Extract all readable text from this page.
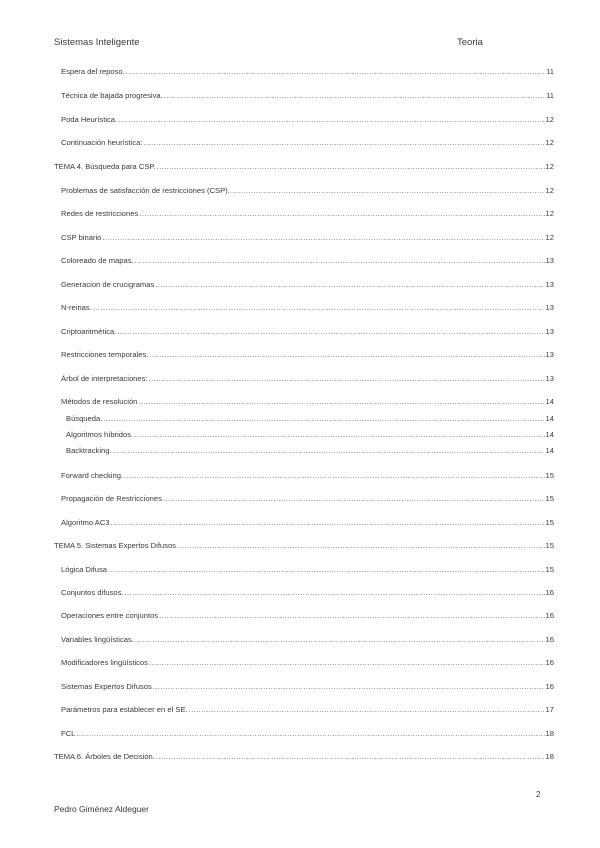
Sistemas Inteligente	Teoria
Espera del reposo. .....	11
Técnica de bajada progresiva. .....	11
Poda Heurística. .....	12
Continuación heurística: .....	12
TEMA 4. Búsqueda para CSP. .....	12
Problemas de satisfacción de restricciones (CSP). .....	12
Redes de restricciones .....	12
CSP binario .....	12
Coloreado de mapas. .....	13
Generacion de crucigramas .....	13
N-reinas. .....	13
Criptoaritmética. .....	13
Restricciones temporales. .....	13
Árbol de interpretaciones: .....	13
Métodos de resolución .....	14
Búsqueda. .....	14
Algoritmos híbridos .....	14
Backtracking. .....	14
Forward checking. .....	15
Propagación de Restricciones .....	15
Algoritmo AC3 .....	15
TEMA 5. Sistemas Expertos Difusos .....	15
Lógica Difusa .....	15
Conjuntos difusos. .....	16
Operaciones entre conjuntos .....	16
Variables lingüísticas. .....	16
Modificadores lingüísticos .....	16
Sistemas Expertos Difusos .....	16
Parámetros para establecer en el SE. .....	17
FCL .....	18
TEMA 6. Árboles de Decisión. .....	18
2
Pedro Giménez Aldeguer
